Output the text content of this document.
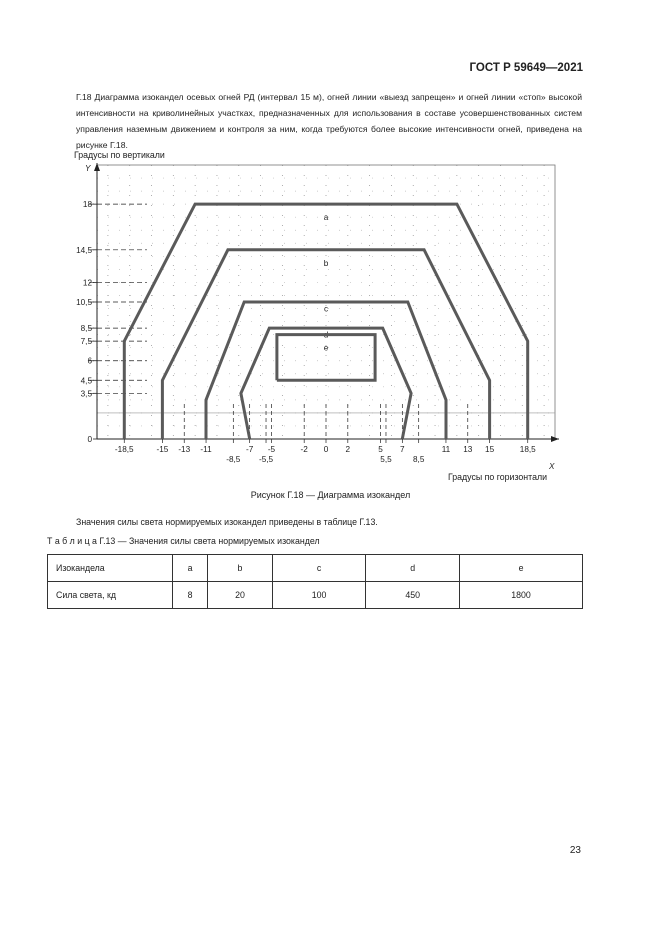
ГОСТ Р 59649—2021
Г.18 Диаграмма изокандел осевых огней РД (интервал 15 м), огней линии «выезд запрещен» и огней линии «стоп» высокой интенсивности на криволинейных участках, предназначенных для использования в составе усовершенствованных систем управления наземным движением и контроля за ним, когда требуются более высокие интенсивности огней, приведена на рисунке Г.18.
Градусы по вертикали
Градусы по горизонтали
Y
X
0
3,5
4,5
6
7,5
8,5
10,5
12
14,5
18
-18,5	-15 -13 -11	-7 -5	-2 0 2	5 7	11 13 15	18,5
-8,5 -5,5	5,5	8,5
a
b
c
d
e
Рисунок Г.18 — Диаграмма изокандел
Значения силы света нормируемых изокандел приведены в таблице Г.13.
Т а б л и ц а Г.13 — Значения силы света нормируемых изокандел
Изокандела	a	b	c	d	e
Сила света, кд	8	20	100	450	1800
23
